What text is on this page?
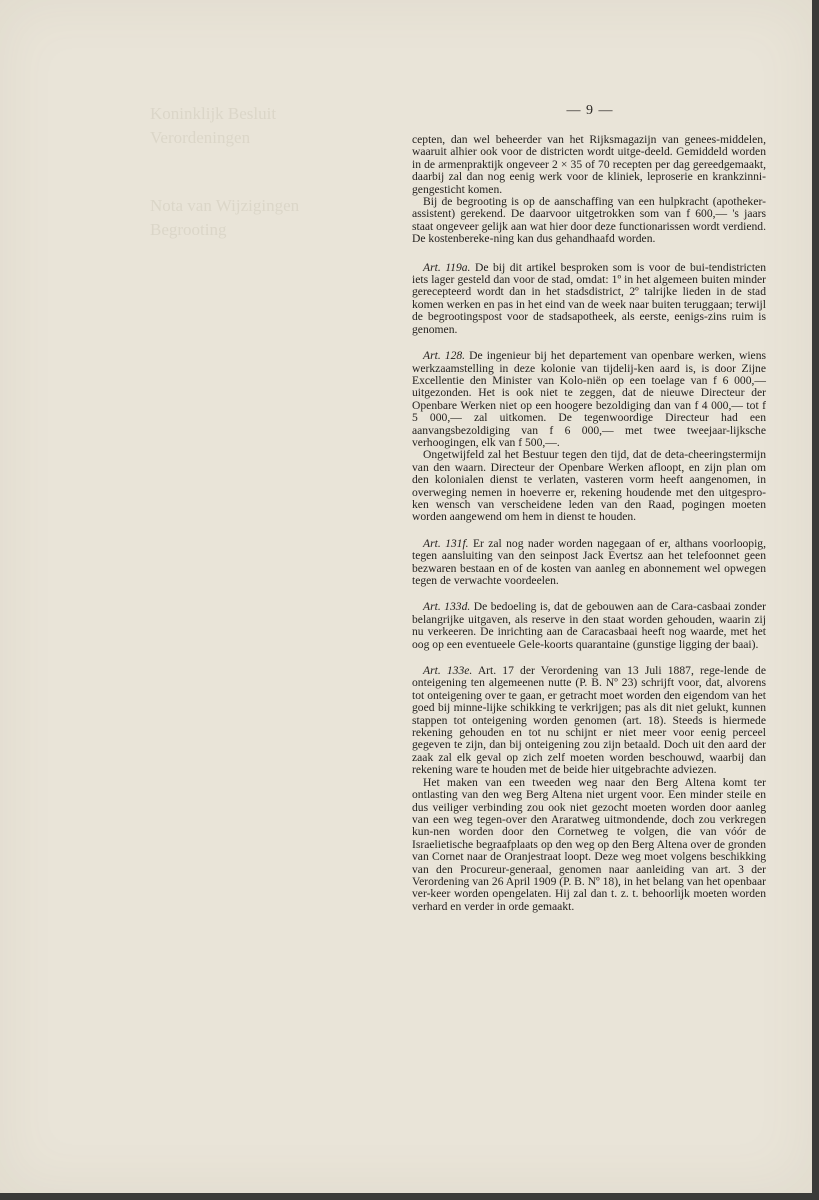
Koninklijk Besluit
Verordeningen
Nota van Wijzigingen
Begrooting
— 9 —

cepten, dan wel beheerder van het Rijksmagazijn van genees-middelen, waaruit alhier ook voor de districten wordt uitge-deeld. Gemiddeld worden in de armenpraktijk ongeveer 2 × 35 of 70 recepten per dag gereedgemaakt, daarbij zal dan nog eenig werk voor de kliniek, leproserie en krankzinni-gengesticht komen.

Bij de begrooting is op de aanschaffing van een hulpkracht (apotheker-assistent) gerekend. De daarvoor uitgetrokken som van f 600,— 's jaars staat ongeveer gelijk aan wat hier door deze functionarissen wordt verdiend. De kostenbereke-ning kan dus gehandhaafd worden.

Art. 119a. De bij dit artikel besproken som is voor de bui-tendistricten iets lager gesteld dan voor de stad, omdat: 1º in het algemeen buiten minder gerecepteerd wordt dan in het stadsdistrict, 2º talrijke lieden in de stad komen werken en pas in het eind van de week naar buiten teruggaan; terwijl de begrootingspost voor de stadsapotheek, als eerste, eenigs-zins ruim is genomen.

Art. 128. De ingenieur bij het departement van openbare werken, wiens werkzaamstelling in deze kolonie van tijdelij-ken aard is, is door Zijne Excellentie den Minister van Kolo-niën op een toelage van f 6 000,— uitgezonden. Het is ook niet te zeggen, dat de nieuwe Directeur der Openbare Werken niet op een hoogere bezoldiging dan van f 4 000,— tot f 5 000,— zal uitkomen. De tegenwoordige Directeur had een aanvangsbezoldiging van f 6 000,— met twee tweejaar-lijksche verhoogingen, elk van f 500,—.

Ongetwijfeld zal het Bestuur tegen den tijd, dat de deta-cheeringstermijn van den waarn. Directeur der Openbare Werken afloopt, en zijn plan om den kolonialen dienst te verlaten, vasteren vorm heeft aangenomen, in overweging nemen in hoeverre er, rekening houdende met den uitgespro-ken wensch van verscheidene leden van den Raad, pogingen moeten worden aangewend om hem in dienst te houden.

Art. 131f. Er zal nog nader worden nagegaan of er, althans voorloopig, tegen aansluiting van den seinpost Jack Evertsz aan het telefoonnet geen bezwaren bestaan en of de kosten van aanleg en abonnement wel opwegen tegen de verwachte voordeelen.

Art. 133d. De bedoeling is, dat de gebouwen aan de Cara-casbaai zonder belangrijke uitgaven, als reserve in den staat worden gehouden, waarin zij nu verkeeren. De inrichting aan de Caracasbaai heeft nog waarde, met het oog op een eventueele Gele-koorts quarantaine (gunstige ligging der baai).

Art. 133e. Art. 17 der Verordening van 13 Juli 1887, rege-lende de onteigening ten algemeenen nutte (P. B. Nº 23) schrijft voor, dat, alvorens tot onteigening over te gaan, er getracht moet worden den eigendom van het goed bij minne-lijke schikking te verkrijgen; pas als dit niet gelukt, kunnen stappen tot onteigening worden genomen (art. 18). Steeds is hiermede rekening gehouden en tot nu schijnt er niet meer voor eenig perceel gegeven te zijn, dan bij onteigening zou zijn betaald. Doch uit den aard der zaak zal elk geval op zich zelf moeten worden beschouwd, waarbij dan rekening ware te houden met de beide hier uitgebrachte adviezen.

Het maken van een tweeden weg naar den Berg Altena komt ter ontlasting van den weg Berg Altena niet urgent voor. Een minder steile en dus veiliger verbinding zou ook niet gezocht moeten worden door aanleg van een weg tegen-over den Araratweg uitmondende, doch zou verkregen kun-nen worden door den Cornetweg te volgen, die van vóór de Israelietische begraafplaats op den weg op den Berg Altena over de gronden van Cornet naar de Oranjestraat loopt. Deze weg moet volgens beschikking van den Procureur-generaal, genomen naar aanleiding van art. 3 der Verordening van 26 April 1909 (P. B. Nº 18), in het belang van het openbaar ver-keer worden opengelaten. Hij zal dan t. z. t. behoorlijk moeten worden verhard en verder in orde gemaakt.
